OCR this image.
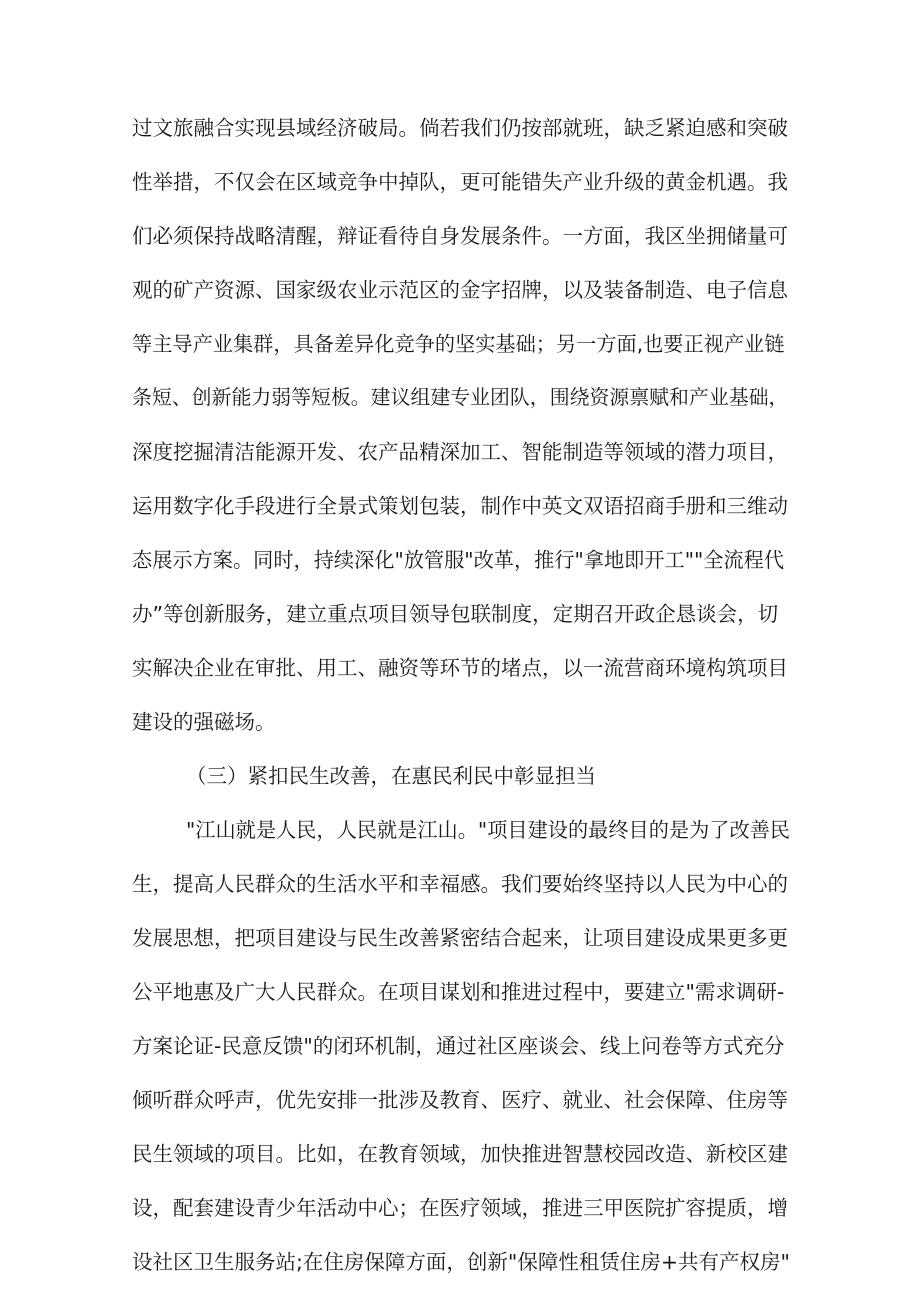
过文旅融合实现县域经济破局。倘若我们仍按部就班，缺乏紧迫感和突破
性举措，不仅会在区域竞争中掉队，更可能错失产业升级的黄金机遇。我
们必须保持战略清醒，辩证看待自身发展条件。一方面，我区坐拥储量可
观的矿产资源、国家级农业示范区的金字招牌，以及装备制造、电子信息
等主导产业集群，具备差异化竞争的坚实基础；另一方面,也要正视产业链
条短、创新能力弱等短板。建议组建专业团队，围绕资源禀赋和产业基础，
深度挖掘清洁能源开发、农产品精深加工、智能制造等领域的潜力项目，
运用数字化手段进行全景式策划包装，制作中英文双语招商手册和三维动
态展示方案。同时，持续深化"放管服"改革，推行"拿地即开工""全流程代
办”等创新服务，建立重点项目领导包联制度，定期召开政企恳谈会，切
实解决企业在审批、用工、融资等环节的堵点，以一流营商环境构筑项目
建设的强磁场。
（三）紧扣民生改善，在惠民利民中彰显担当
"江山就是人民，人民就是江山。"项目建设的最终目的是为了改善民
生，提高人民群众的生活水平和幸福感。我们要始终坚持以人民为中心的
发展思想，把项目建设与民生改善紧密结合起来，让项目建设成果更多更
公平地惠及广大人民群众。在项目谋划和推进过程中，要建立"需求调研-
方案论证-民意反馈"的闭环机制，通过社区座谈会、线上问卷等方式充分
倾听群众呼声，优先安排一批涉及教育、医疗、就业、社会保障、住房等
民生领域的项目。比如，在教育领域，加快推进智慧校园改造、新校区建
设，配套建设青少年活动中心；在医疗领域，推进三甲医院扩容提质，增
设社区卫生服务站;在住房保障方面，创新"保障性租赁住房+共有产权房"
